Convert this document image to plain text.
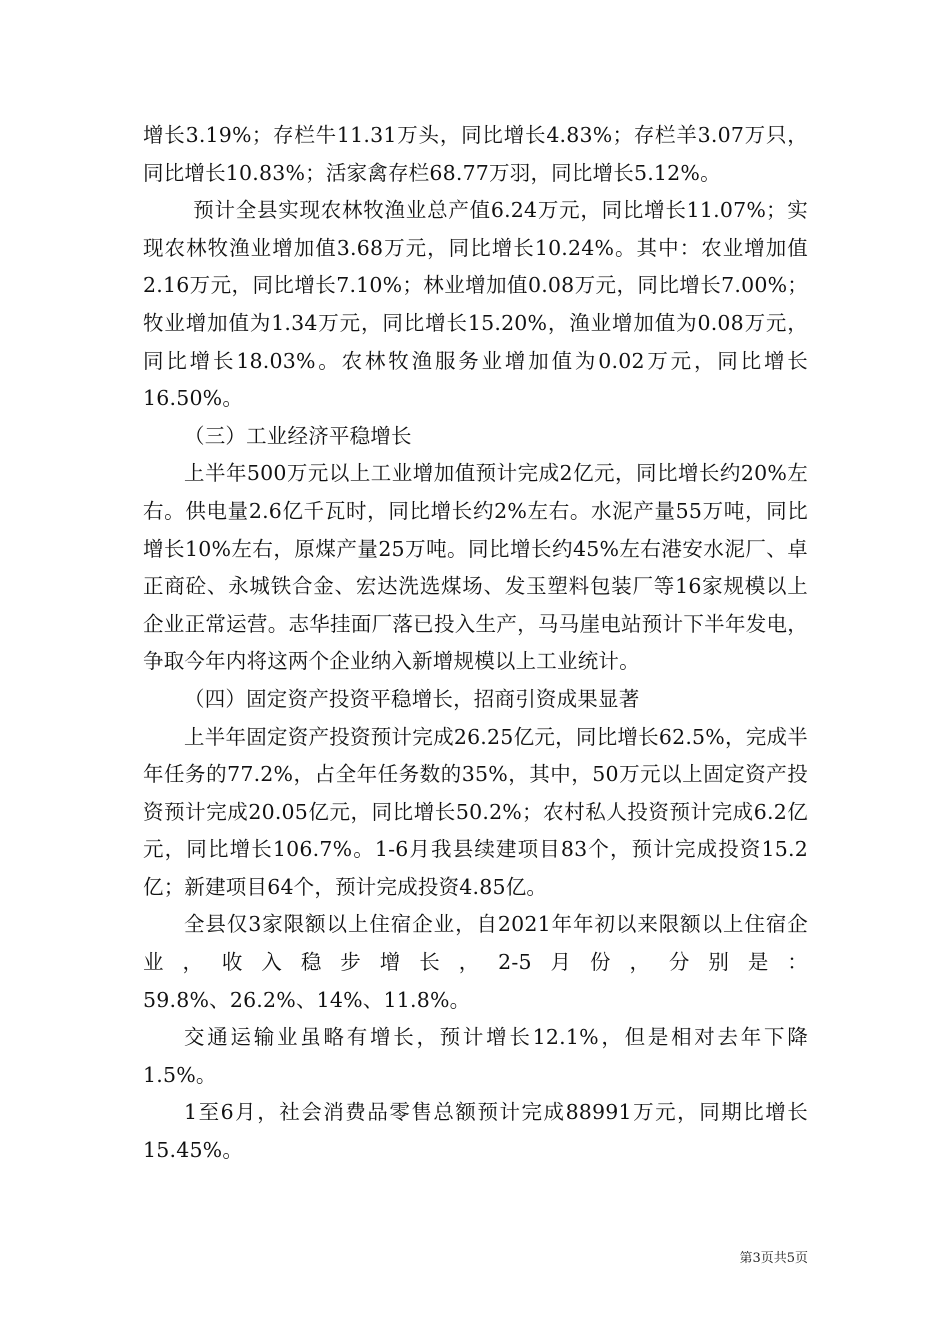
增长3.19%；存栏牛11.31万头，同比增长4.83%；存栏羊3.07万只，同比增长10.83%；活家禽存栏68.77万羽，同比增长5.12%。

预计全县实现农林牧渔业总产值6.24万元，同比增长11.07%；实现农林牧渔业增加值3.68万元，同比增长10.24%。其中：农业增加值2.16万元，同比增长7.10%；林业增加值0.08万元，同比增长7.00%；牧业增加值为1.34万元，同比增长15.20%，渔业增加值为0.08万元，同比增长18.03%。农林牧渔服务业增加值为0.02万元，同比增长16.50%。

（三）工业经济平稳增长

上半年500万元以上工业增加值预计完成2亿元，同比增长约20%左右。供电量2.6亿千瓦时，同比增长约2%左右。水泥产量55万吨，同比增长10%左右，原煤产量25万吨。同比增长约45%左右港安水泥厂、卓正商砼、永城铁合金、宏达洗选煤场、发玉塑料包装厂等16家规模以上企业正常运营。志华挂面厂落已投入生产，马马崖电站预计下半年发电，争取今年内将这两个企业纳入新增规模以上工业统计。

（四）固定资产投资平稳增长，招商引资成果显著

上半年固定资产投资预计完成26.25亿元，同比增长62.5%，完成半年任务的77.2%，占全年任务数的35%，其中，50万元以上固定资产投资预计完成20.05亿元，同比增长50.2%；农村私人投资预计完成6.2亿元，同比增长106.7%。1-6月我县续建项目83个，预计完成投资15.2亿；新建项目64个，预计完成投资4.85亿。

全县仅3家限额以上住宿企业，自2021年年初以来限额以上住宿企业，收入稳步增长，2-5月份，分别是：

59.8%、26.2%、14%、11.8%。

交通运输业虽略有增长，预计增长12.1%，但是相对去年下降1.5%。

1至6月，社会消费品零售总额预计完成88991万元，同期比增长15.45%。

第3页共5页
